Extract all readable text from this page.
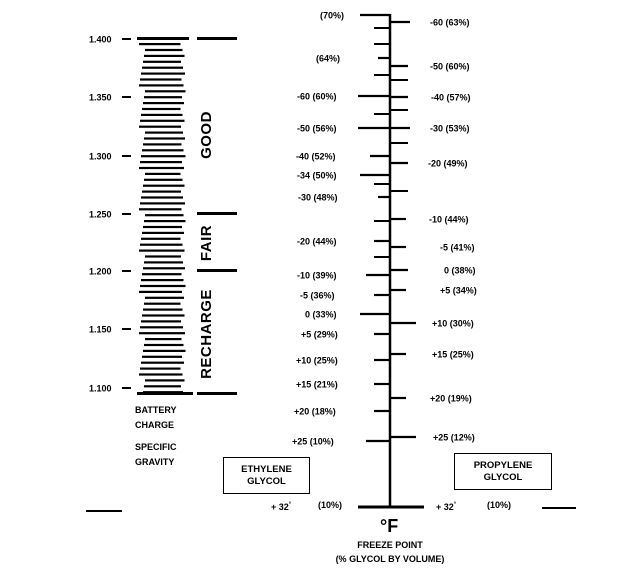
1.400
1.350
1.300
1.250
1.200
1.150
1.100
GOOD
FAIR
RECHARGE
BATTERY
CHARGE
SPECIFIC
GRAVITY
(70%)
(64%)
-60 (60%)
-50 (56%)
-40 (52%)
-34 (50%)
-30 (48%)
-20 (44%)
-10 (39%)
-5 (36%)
0 (33%)
+5 (29%)
+10 (25%)
+15 (21%)
+20 (18%)
+25 (10%)
-60 (63%)
-50 (60%)
-40 (57%)
-30 (53%)
-20 (49%)
-10 (44%)
-5 (41%)
0 (38%)
+5 (34%)
+10 (30%)
+15 (25%)
+20 (19%)
+25 (12%)
+ 32°	(10%)	+ 32°	(10%)
°F
FREEZE POINT
(% GLYCOL BY VOLUME)
ETHYLENE
GLYCOL
PROPYLENE
GLYCOL
